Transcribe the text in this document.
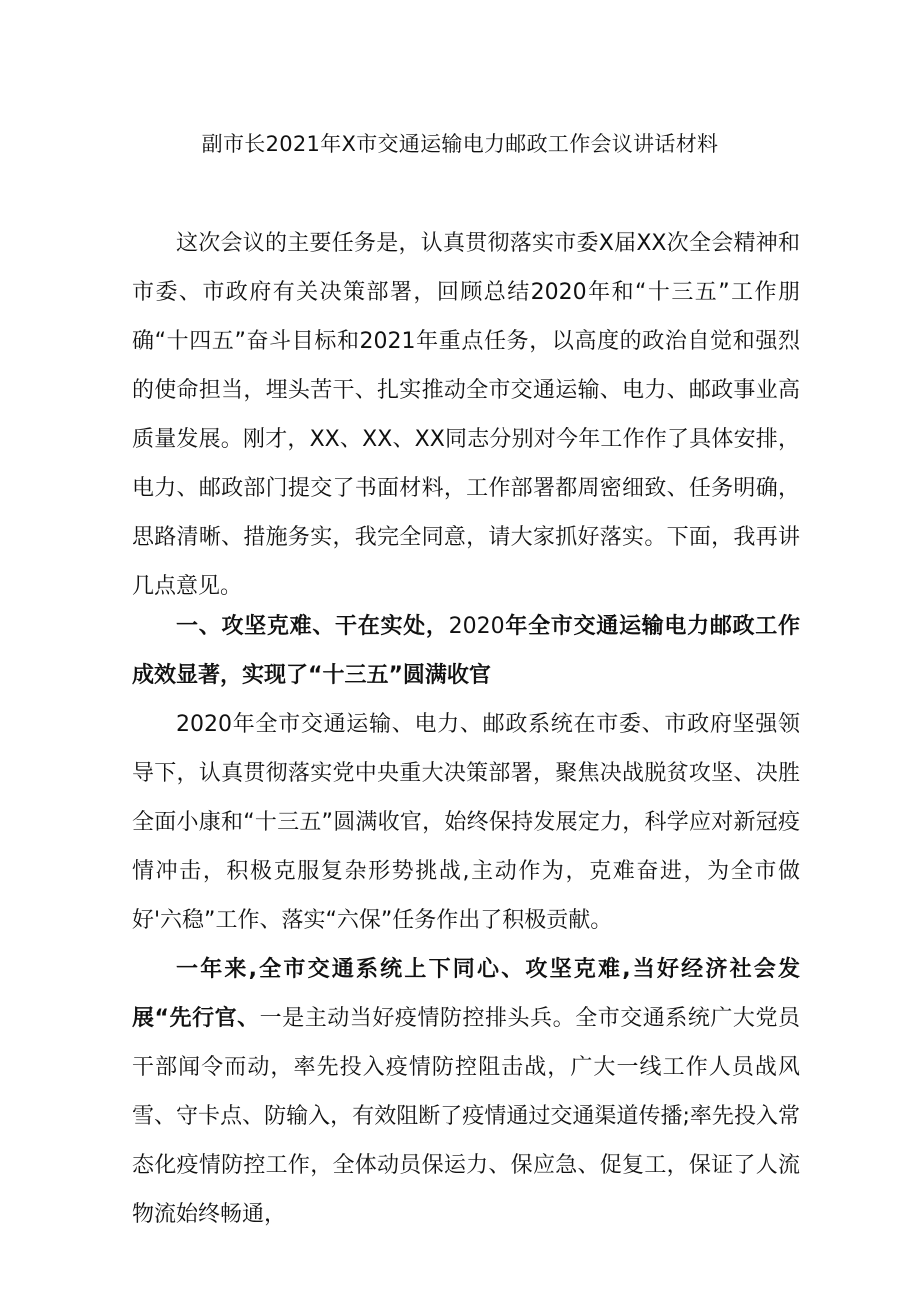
副市长2021年X市交通运输电力邮政工作会议讲话材料

这次会议的主要任务是，认真贯彻落实市委X届XX次全会精神和市委、市政府有关决策部署，回顾总结2020年和“十三五”工作朋确“十四五”奋斗目标和2021年重点任务，以高度的政治自觉和强烈的使命担当，埋头苦干、扎实推动全市交通运输、电力、邮政事业高质量发展。刚才，XX、XX、XX同志分别对今年工作作了具体安排，电力、邮政部门提交了书面材料，工作部署都周密细致、任务明确，思路清晰、措施务实，我完全同意，请大家抓好落实。下面，我再讲几点意见。

一、攻坚克难、干在实处，2020年全市交通运输电力邮政工作成效显著，实现了“十三五”圆满收官

2020年全市交通运输、电力、邮政系统在市委、市政府坚强领导下，认真贯彻落实党中央重大决策部署，聚焦决战脱贫攻坚、决胜全面小康和“十三五”圆满收官，始终保持发展定力，科学应对新冠疫情冲击，积极克服复杂形势挑战,主动作为，克难奋进，为全市做好'六稳”工作、落实“六保”任务作出了积极贡献。

一年来,全市交通系统上下同心、攻坚克难,当好经济社会发展“先行官、一是主动当好疫情防控排头兵。全市交通系统广大党员干部闻令而动，率先投入疫情防控阻击战，广大一线工作人员战风雪、守卡点、防输入，有效阻断了疫情通过交通渠道传播;率先投入常态化疫情防控工作，全体动员保运力、保应急、促复工，保证了人流物流始终畅通，
